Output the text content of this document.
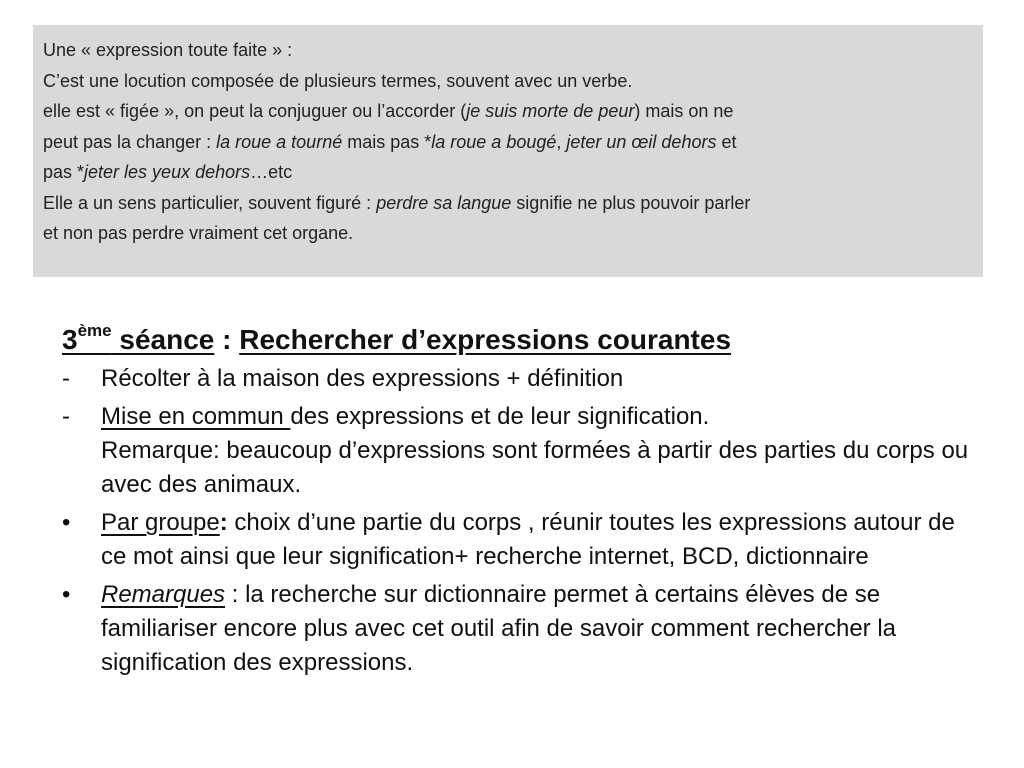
Une « expression toute faite » :
C’est une locution composée de plusieurs termes, souvent avec un verbe.
elle est « figée », on peut la conjuguer ou l’accorder (je suis morte de peur) mais on ne
peut pas la changer : la roue a tourné mais pas *la roue a bougé, jeter un œil dehors et
pas *jeter les yeux dehors…etc
Elle a un sens particulier, souvent figuré : perdre sa langue signifie ne plus pouvoir parler
et non pas perdre vraiment cet organe.
3ème séance : Rechercher d’expressions courantes
-	Récolter à la maison des expressions + définition

-	Mise en commun des expressions et de leur signification.

Remarque: beaucoup d’expressions sont formées à partir des parties du corps ou avec des animaux.

•	Par groupe: choix d’une partie du corps , réunir toutes les expressions autour de ce mot ainsi que leur signification+ recherche internet, BCD, dictionnaire

•	Remarques : la recherche sur dictionnaire permet à certains élèves de se familiariser encore plus avec cet outil afin de savoir comment rechercher la signification des expressions.
